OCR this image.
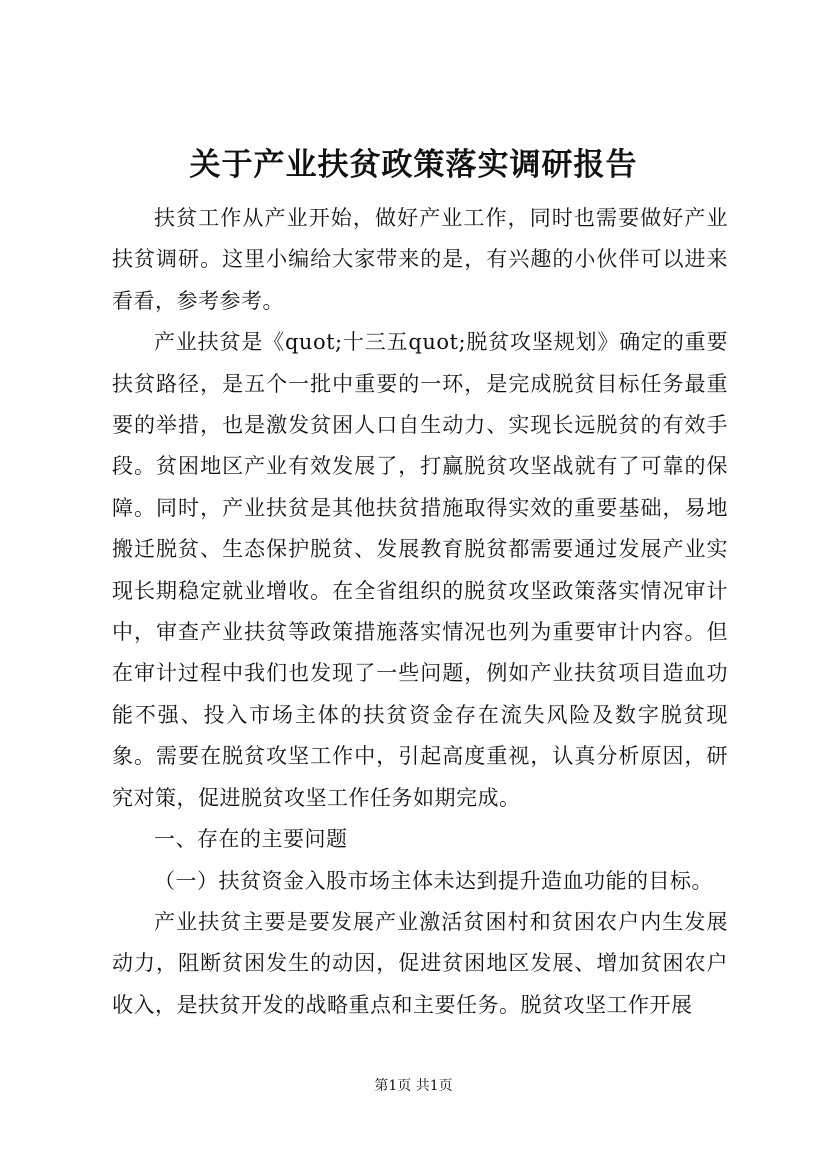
关于产业扶贫政策落实调研报告

扶贫工作从产业开始，做好产业工作，同时也需要做好产业扶贫调研。这里小编给大家带来的是，有兴趣的小伙伴可以进来看看，参考参考。

产业扶贫是《quot;十三五quot;脱贫攻坚规划》确定的重要扶贫路径，是五个一批中重要的一环，是完成脱贫目标任务最重要的举措，也是激发贫困人口自生动力、实现长远脱贫的有效手段。贫困地区产业有效发展了，打赢脱贫攻坚战就有了可靠的保障。同时，产业扶贫是其他扶贫措施取得实效的重要基础，易地搬迁脱贫、生态保护脱贫、发展教育脱贫都需要通过发展产业实现长期稳定就业增收。在全省组织的脱贫攻坚政策落实情况审计中，审查产业扶贫等政策措施落实情况也列为重要审计内容。但在审计过程中我们也发现了一些问题，例如产业扶贫项目造血功能不强、投入市场主体的扶贫资金存在流失风险及数字脱贫现象。需要在脱贫攻坚工作中，引起高度重视，认真分析原因，研究对策，促进脱贫攻坚工作任务如期完成。

一、存在的主要问题

（一）扶贫资金入股市场主体未达到提升造血功能的目标。

产业扶贫主要是要发展产业激活贫困村和贫困农户内生发展动力，阻断贫困发生的动因，促进贫困地区发展、增加贫困农户收入，是扶贫开发的战略重点和主要任务。脱贫攻坚工作开展

第1页 共1页
